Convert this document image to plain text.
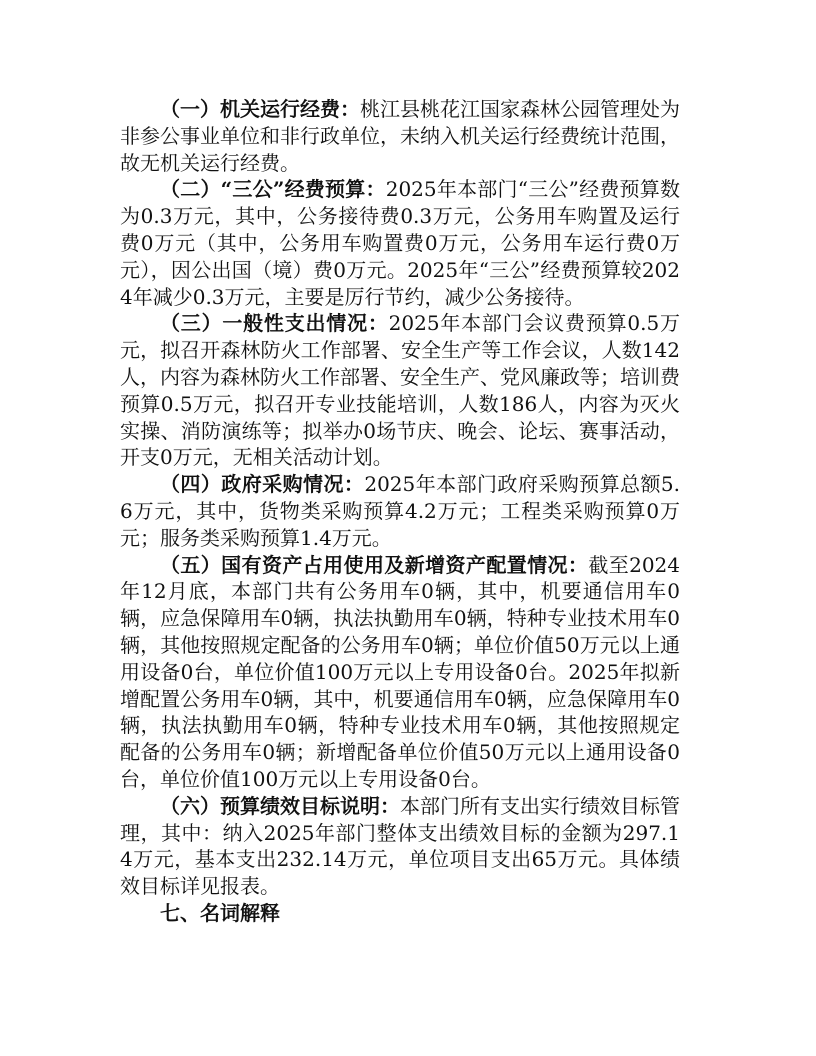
（一）机关运行经费：桃江县桃花江国家森林公园管理处为非参公事业单位和非行政单位，未纳入机关运行经费统计范围，故无机关运行经费。

（二）“三公”经费预算：2025年本部门“三公”经费预算数为0.3万元，其中，公务接待费0.3万元，公务用车购置及运行费0万元（其中，公务用车购置费0万元，公务用车运行费0万元），因公出国（境）费0万元。2025年“三公”经费预算较2024年减少0.3万元，主要是厉行节约，减少公务接待。

（三）一般性支出情况：2025年本部门会议费预算0.5万元，拟召开森林防火工作部署、安全生产等工作会议，人数142人，内容为森林防火工作部署、安全生产、党风廉政等；培训费预算0.5万元，拟召开专业技能培训，人数186人，内容为灭火实操、消防演练等；拟举办0场节庆、晚会、论坛、赛事活动，开支0万元，无相关活动计划。

（四）政府采购情况：2025年本部门政府采购预算总额5.6万元，其中，货物类采购预算4.2万元；工程类采购预算0万元；服务类采购预算1.4万元。

（五）国有资产占用使用及新增资产配置情况：截至2024年12月底，本部门共有公务用车0辆，其中，机要通信用车0辆，应急保障用车0辆，执法执勤用车0辆，特种专业技术用车0辆，其他按照规定配备的公务用车0辆；单位价值50万元以上通用设备0台，单位价值100万元以上专用设备0台。2025年拟新增配置公务用车0辆，其中，机要通信用车0辆，应急保障用车0辆，执法执勤用车0辆，特种专业技术用车0辆，其他按照规定配备的公务用车0辆；新增配备单位价值50万元以上通用设备0台，单位价值100万元以上专用设备0台。

（六）预算绩效目标说明：本部门所有支出实行绩效目标管理，其中：纳入2025年部门整体支出绩效目标的金额为297.14万元，基本支出232.14万元，单位项目支出65万元。具体绩效目标详见报表。

七、名词解释
